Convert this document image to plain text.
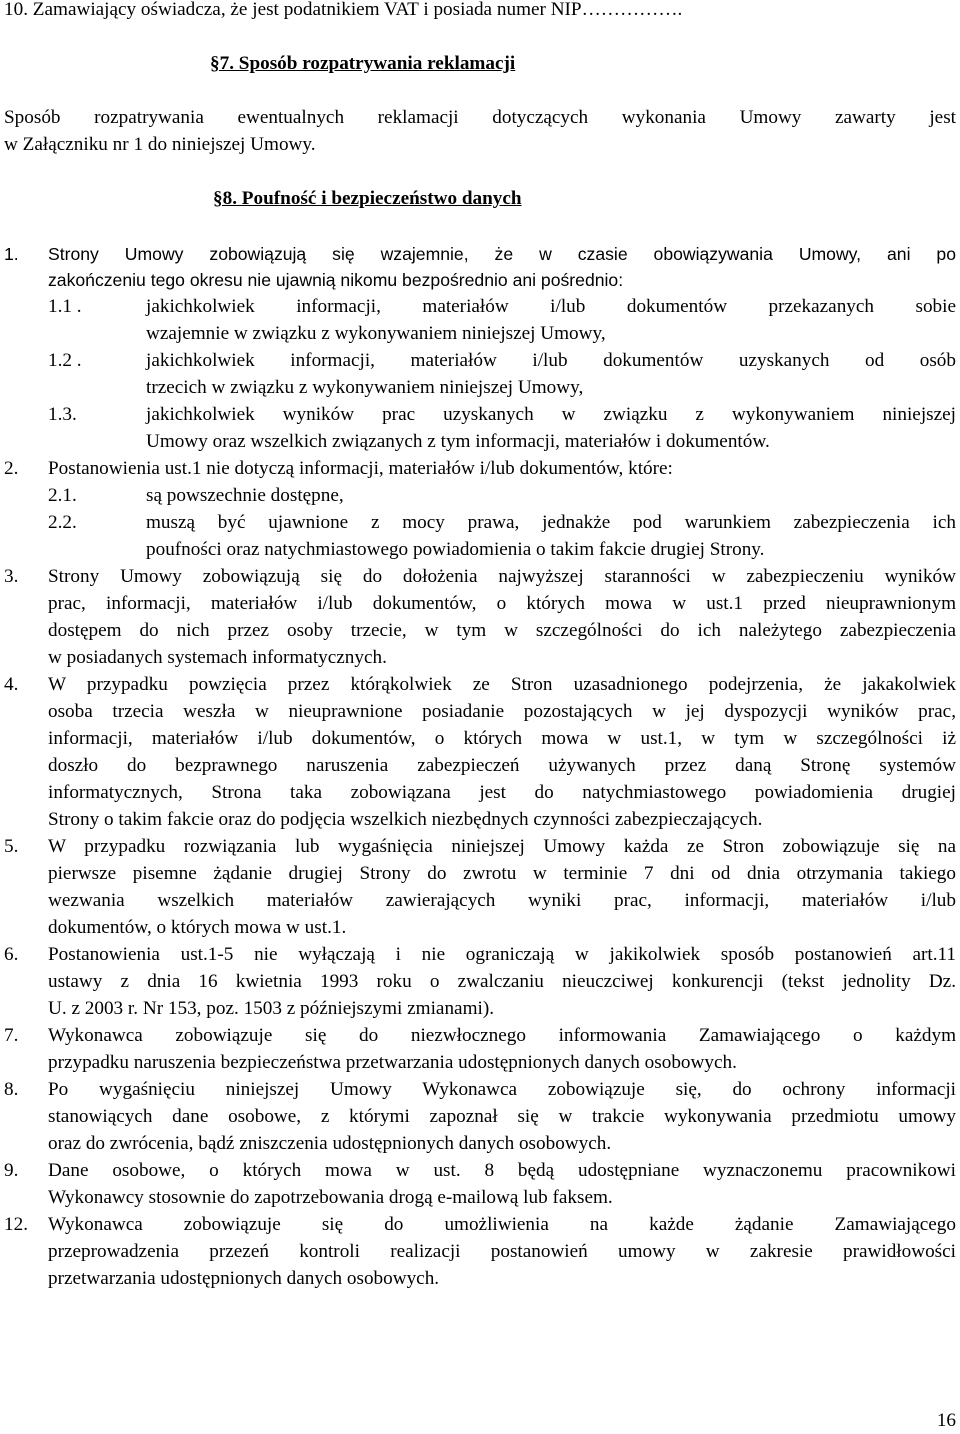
10. Zamawiający oświadcza, że jest podatnikiem VAT i posiada numer NIP…………….
§7. Sposób rozpatrywania reklamacji
Sposób rozpatrywania ewentualnych reklamacji dotyczących wykonania Umowy zawarty jest
w Załączniku nr 1 do niniejszej Umowy.
§8. Poufność i bezpieczeństwo danych
1. Strony Umowy zobowiązują się wzajemnie, że w czasie obowiązywania Umowy, ani po
zakończeniu tego okresu nie ujawnią nikomu bezpośrednio ani pośrednio:
1.1 .	jakichkolwiek informacji, materiałów i/lub dokumentów przekazanych sobie
wzajemnie w związku z wykonywaniem niniejszej Umowy,
1.2 .	jakichkolwiek informacji, materiałów i/lub dokumentów uzyskanych od osób
trzecich w związku z wykonywaniem niniejszej Umowy,
1.3.	jakichkolwiek wyników prac uzyskanych w związku z wykonywaniem niniejszej
Umowy oraz wszelkich związanych z tym informacji, materiałów i dokumentów.
2. Postanowienia ust.1 nie dotyczą informacji, materiałów i/lub dokumentów, które:
2.1.	są powszechnie dostępne,
2.2.	muszą być ujawnione z mocy prawa, jednakże pod warunkiem zabezpieczenia ich
poufności oraz natychmiastowego powiadomienia o takim fakcie drugiej Strony.
3. Strony Umowy zobowiązują się do dołożenia najwyższej staranności w zabezpieczeniu wyników
prac, informacji, materiałów i/lub dokumentów, o których mowa w ust.1 przed nieuprawnionym
dostępem do nich przez osoby trzecie, w tym w szczególności do ich należytego zabezpieczenia
w posiadanych systemach informatycznych.
4. W przypadku powzięcia przez którąkolwiek ze Stron uzasadnionego podejrzenia, że jakakolwiek
osoba trzecia weszła w nieuprawnione posiadanie pozostających w jej dyspozycji wyników prac,
informacji, materiałów i/lub dokumentów, o których mowa w ust.1, w tym w szczególności iż
doszło do bezprawnego naruszenia zabezpieczeń używanych przez daną Stronę systemów
informatycznych, Strona taka zobowiązana jest do natychmiastowego powiadomienia drugiej
Strony o takim fakcie oraz do podjęcia wszelkich niezbędnych czynności zabezpieczających.
5. W przypadku rozwiązania lub wygaśnięcia niniejszej Umowy każda ze Stron zobowiązuje się na
pierwsze pisemne żądanie drugiej Strony do zwrotu w terminie 7 dni od dnia otrzymania takiego
wezwania wszelkich materiałów zawierających wyniki prac, informacji, materiałów i/lub
dokumentów, o których mowa w ust.1.
6. Postanowienia ust.1-5 nie wyłączają i nie ograniczają w jakikolwiek sposób postanowień art.11
ustawy z dnia 16 kwietnia 1993 roku o zwalczaniu nieuczciwej konkurencji (tekst jednolity Dz.
U. z 2003 r. Nr 153, poz. 1503 z późniejszymi zmianami).
7. Wykonawca zobowiązuje się do niezwłocznego informowania Zamawiającego o każdym
przypadku naruszenia bezpieczeństwa przetwarzania udostępnionych danych osobowych.
8. Po wygaśnięciu niniejszej Umowy Wykonawca zobowiązuje się, do ochrony informacji
stanowiących dane osobowe, z którymi zapoznał się w trakcie wykonywania przedmiotu umowy
oraz do zwrócenia, bądź zniszczenia udostępnionych danych osobowych.
9. Dane osobowe, o których mowa w ust. 8 będą udostępniane wyznaczonemu pracownikowi
Wykonawcy stosownie do zapotrzebowania drogą e-mailową lub faksem.
12. Wykonawca zobowiązuje się do umożliwienia na każde żądanie Zamawiającego
przeprowadzenia przezeń kontroli realizacji postanowień umowy w zakresie prawidłowości
przetwarzania udostępnionych danych osobowych.
16
